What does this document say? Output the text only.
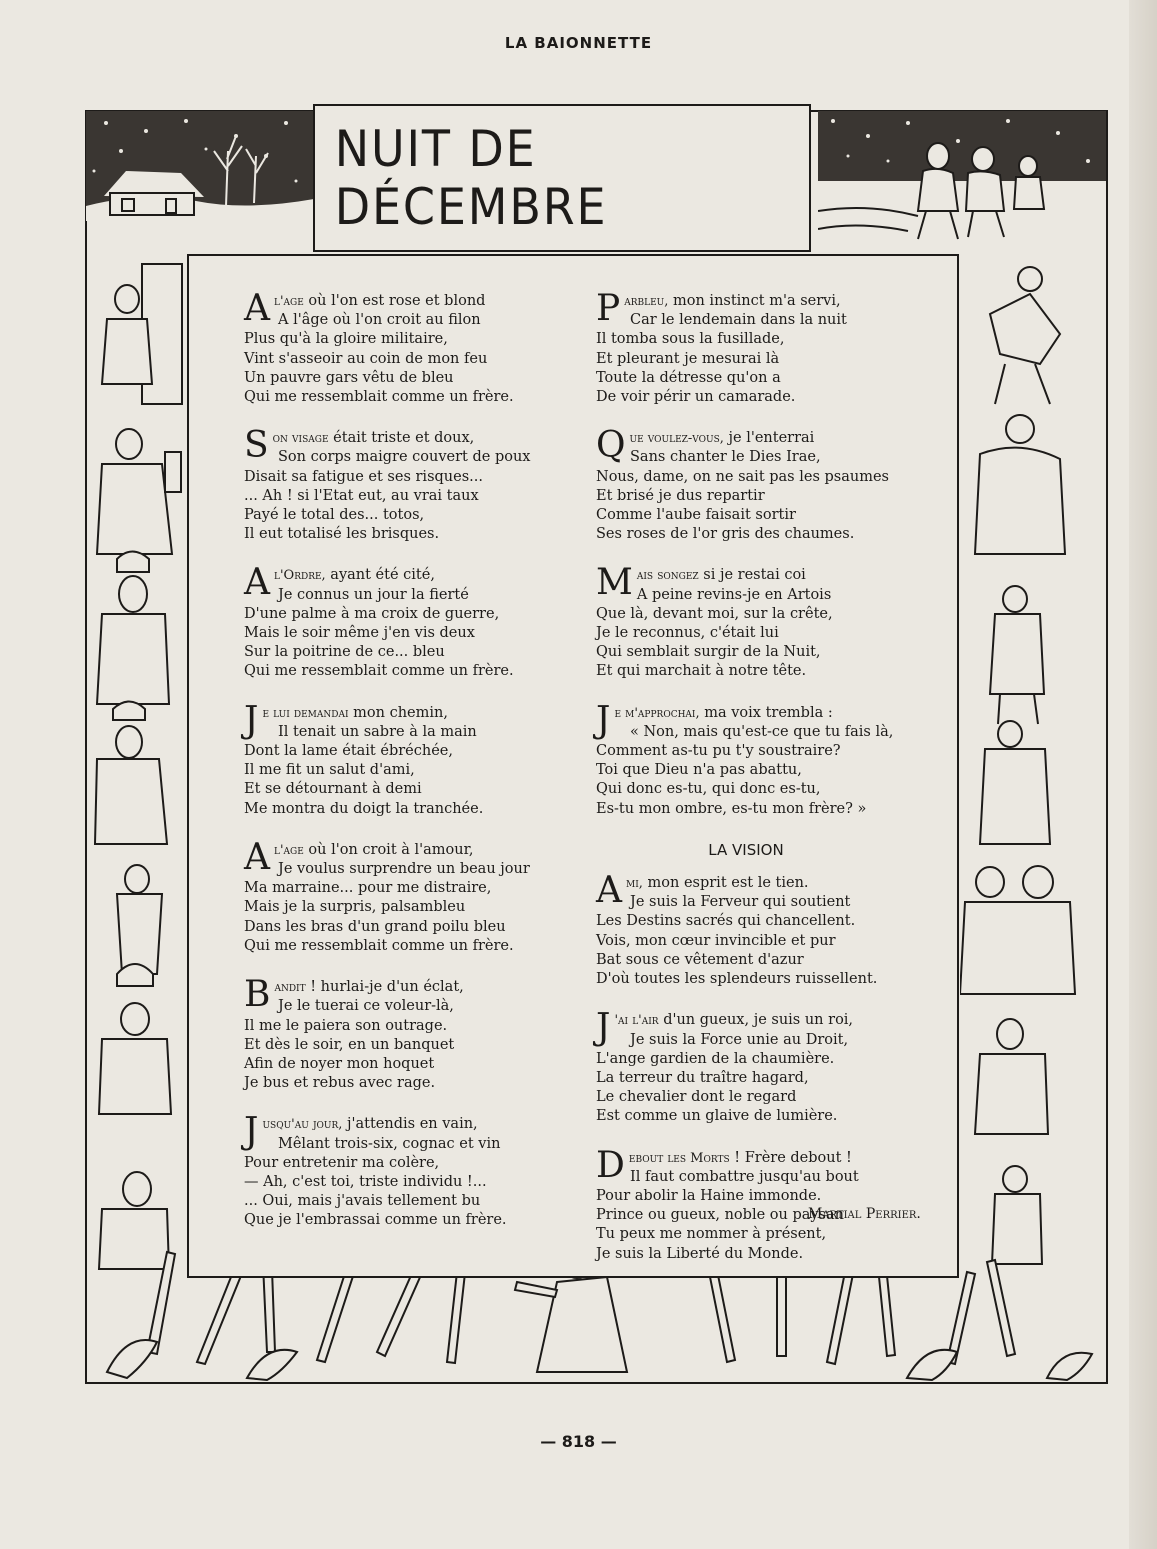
LA BAIONNETTE
NUIT DE DÉCEMBRE
A l'age où l'on est rose et blond
A l'âge où l'on croit au filon
Plus qu'à la gloire militaire,
Vint s'asseoir au coin de mon feu
Un pauvre gars vêtu de bleu
Qui me ressemblait comme un frère.
S on visage était triste et doux,
Son corps maigre couvert de poux
Disait sa fatigue et ses risques...
... Ah ! si l'Etat eut, au vrai taux
Payé le total des... totos,
Il eut totalisé les brisques.
A l'Ordre, ayant été cité,
Je connus un jour la fierté
D'une palme à ma croix de guerre,
Mais le soir même j'en vis deux
Sur la poitrine de ce... bleu
Qui me ressemblait comme un frère.
J e lui demandai mon chemin,
Il tenait un sabre à la main
Dont la lame était ébréchée,
Il me fit un salut d'ami,
Et se détournant à demi
Me montra du doigt la tranchée.
A l'age où l'on croit à l'amour,
Je voulus surprendre un beau jour
Ma marraine... pour me distraire,
Mais je la surpris, palsambleu
Dans les bras d'un grand poilu bleu
Qui me ressemblait comme un frère.
B andit ! hurlai-je d'un éclat,
Je le tuerai ce voleur-là,
Il me le paiera son outrage.
Et dès le soir, en un banquet
Afin de noyer mon hoquet
Je bus et rebus avec rage.
J usqu'au jour, j'attendis en vain,
Mêlant trois-six, cognac et vin
Pour entretenir ma colère,
— Ah, c'est toi, triste individu !...
... Oui, mais j'avais tellement bu
Que je l'embrassai comme un frère.
P arbleu, mon instinct m'a servi,
Car le lendemain dans la nuit
Il tomba sous la fusillade,
Et pleurant je mesurai là
Toute la détresse qu'on a
De voir périr un camarade.
Q ue voulez-vous, je l'enterrai
Sans chanter le Dies Irae,
Nous, dame, on ne sait pas les psaumes
Et brisé je dus repartir
Comme l'aube faisait sortir
Ses roses de l'or gris des chaumes.
M ais songez si je restai coi
A peine revins-je en Artois
Que là, devant moi, sur la crête,
Je le reconnus, c'était lui
Qui semblait surgir de la Nuit,
Et qui marchait à notre tête.
J e m'approchai, ma voix trembla :
« Non, mais qu'est-ce que tu fais là,
Comment as-tu pu t'y soustraire?
Toi que Dieu n'a pas abattu,
Qui donc es-tu, qui donc es-tu,
Es-tu mon ombre, es-tu mon frère? »
LA VISION
A mi, mon esprit est le tien.
Je suis la Ferveur qui soutient
Les Destins sacrés qui chancellent.
Vois, mon cœur invincible et pur
Bat sous ce vêtement d'azur
D'où toutes les splendeurs ruissellent.
J 'ai l'air d'un gueux, je suis un roi,
Je suis la Force unie au Droit,
L'ange gardien de la chaumière.
La terreur du traître hagard,
Le chevalier dont le regard
Est comme un glaive de lumière.
D ebout les Morts ! Frère debout !
Il faut combattre jusqu'au bout
Pour abolir la Haine immonde.
Prince ou gueux, noble ou paysan
Tu peux me nommer à présent,
Je suis la Liberté du Monde.
Martial Perrier.
— 818 —
